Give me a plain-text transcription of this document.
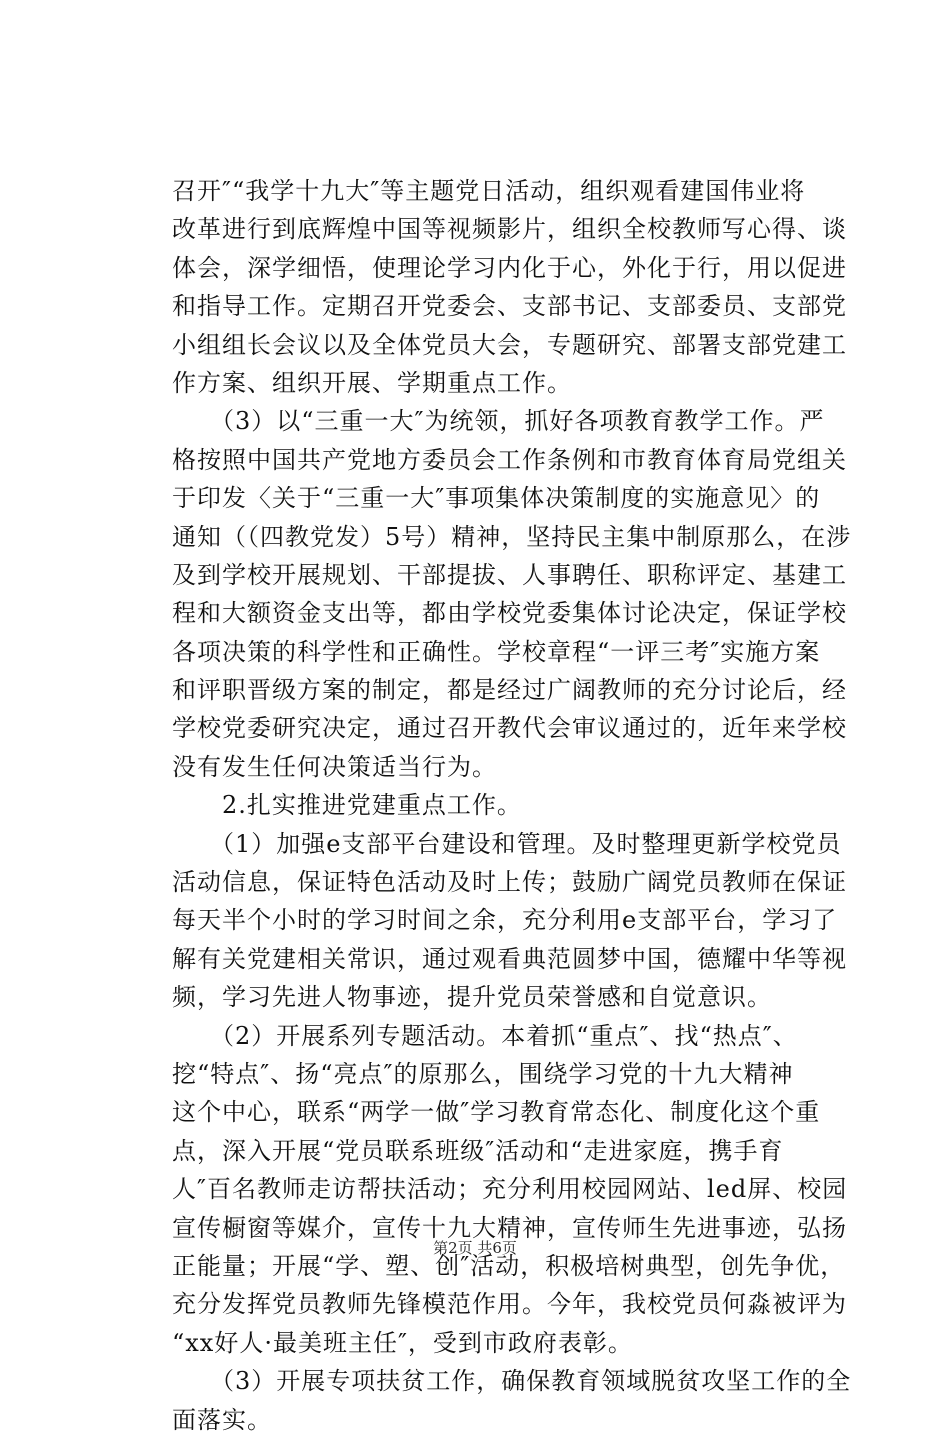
召开″“我学十九大″等主题党日活动，组织观看建国伟业将
改革进行到底辉煌中国等视频影片，组织全校教师写心得、谈
体会，深学细悟，使理论学习内化于心，外化于行，用以促进
和指导工作。定期召开党委会、支部书记、支部委员、支部党
小组组长会议以及全体党员大会，专题研究、部署支部党建工
作方案、组织开展、学期重点工作。
　　（3）以“三重一大″为统领，抓好各项教育教学工作。严
格按照中国共产党地方委员会工作条例和市教育体育局党组关
于印发〈关于“三重一大″事项集体决策制度的实施意见〉的
通知（（四教党发）5号）精神，坚持民主集中制原那么，在涉
及到学校开展规划、干部提拔、人事聘任、职称评定、基建工
程和大额资金支出等，都由学校党委集体讨论决定，保证学校
各项决策的科学性和正确性。学校章程“一评三考″实施方案
和评职晋级方案的制定，都是经过广阔教师的充分讨论后，经
学校党委研究决定，通过召开教代会审议通过的，近年来学校
没有发生任何决策适当行为。
　　2.扎实推进党建重点工作。
　　（1）加强e支部平台建设和管理。及时整理更新学校党员
活动信息，保证特色活动及时上传；鼓励广阔党员教师在保证
每天半个小时的学习时间之余，充分利用e支部平台，学习了
解有关党建相关常识，通过观看典范圆梦中国，德耀中华等视
频，学习先进人物事迹，提升党员荣誉感和自觉意识。
　　（2）开展系列专题活动。本着抓“重点″、找“热点″、
挖“特点″、扬“亮点″的原那么，围绕学习党的十九大精神
这个中心，联系“两学一做″学习教育常态化、制度化这个重
点，深入开展“党员联系班级″活动和“走进家庭，携手育
人″百名教师走访帮扶活动；充分利用校园网站、led屏、校园
宣传橱窗等媒介，宣传十九大精神，宣传师生先进事迹，弘扬
正能量；开展“学、塑、创″活动，积极培树典型，创先争优，
充分发挥党员教师先锋模范作用。今年，我校党员何淼被评为
“xx好人·最美班主任″，受到市政府表彰。
　　（3）开展专项扶贫工作，确保教育领域脱贫攻坚工作的全
面落实。
第2页 共6页
